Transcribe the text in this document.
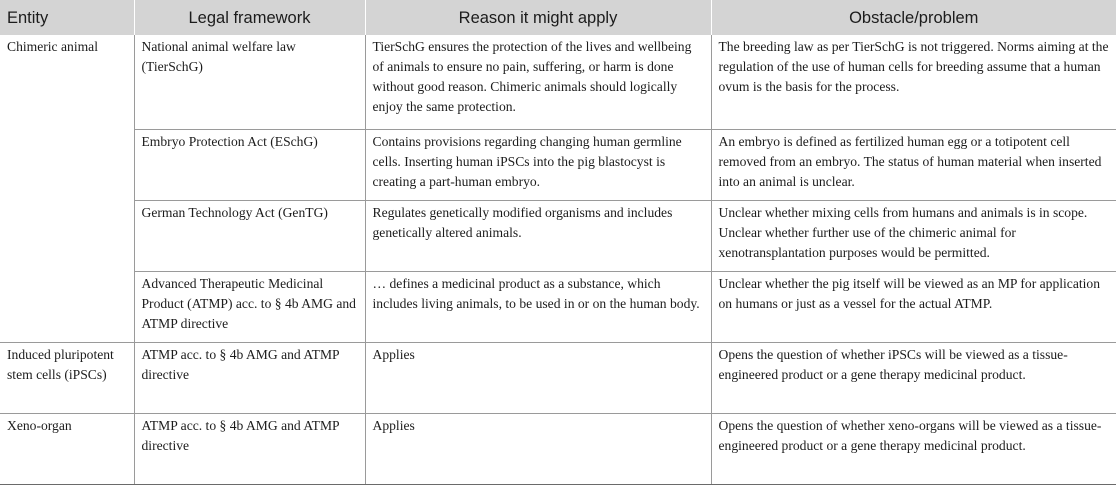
Entity	Legal framework	Reason it might apply	Obstacle/problem
Chimeric animal	National animal welfare law (TierSchG)	TierSchG ensures the protection of the lives and wellbeing of animals to ensure no pain, suffering, or harm is done without good reason. Chimeric animals should logically enjoy the same protection.	The breeding law as per TierSchG is not triggered. Norms aiming at the regulation of the use of human cells for breeding assume that a human ovum is the basis for the process.
	Embryo Protection Act (ESchG)	Contains provisions regarding changing human germline cells. Inserting human iPSCs into the pig blastocyst is creating a part-human embryo.	An embryo is defined as fertilized human egg or a totipotent cell removed from an embryo. The status of human material when inserted into an animal is unclear.
	German Technology Act (GenTG)	Regulates genetically modified organisms and includes genetically altered animals.	Unclear whether mixing cells from humans and animals is in scope. Unclear whether further use of the chimeric animal for xenotransplantation purposes would be permitted.
	Advanced Therapeutic Medicinal Product (ATMP) acc. to § 4b AMG and ATMP directive	… defines a medicinal product as a substance, which includes living animals, to be used in or on the human body.	Unclear whether the pig itself will be viewed as an MP for application on humans or just as a vessel for the actual ATMP.
Induced pluripotent stem cells (iPSCs)	ATMP acc. to § 4b AMG and ATMP directive	Applies	Opens the question of whether iPSCs will be viewed as a tissue-engineered product or a gene therapy medicinal product.
Xeno-organ	ATMP acc. to § 4b AMG and ATMP directive	Applies	Opens the question of whether xeno-organs will be viewed as a tissue-engineered product or a gene therapy medicinal product.
